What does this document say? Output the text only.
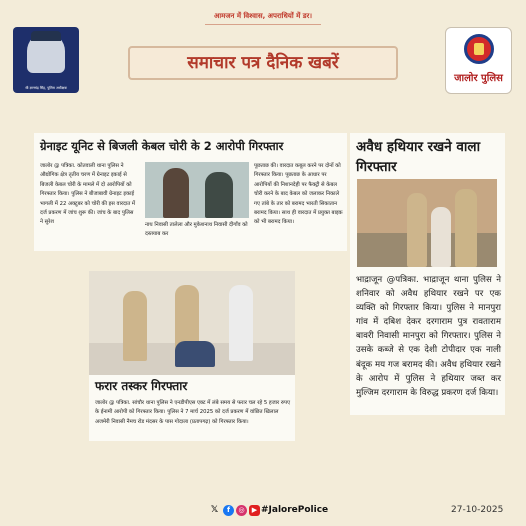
आमजन में विश्वास, अपराधियों में डर।
श्री ज्ञानचंद्र सिंह, पुलिस अधीक्षक
समाचार पत्र दैनिक खबरें
जालोर पुलिस
ग्रेनाइट यूनिट से बिजली केबल चोरी के 2 आरोपी गिरफ्तार
जालोर @ पत्रिका. कोतवाली थाना पुलिस ने औद्योगिक क्षेत्र तृतीय चरण में ग्रेनाइट इकाई से बिजली केबल चोरी के मामले में दो आरोपियों को गिरफ्तार किया। पुलिस ने बीजाबावी ग्रेनाइट इकाई भागली में 22 अक्टूबर को चोरी की इस वारदात में दर्ज प्रकरण में जांच शुरू की। जांच के बाद पुलिस ने सुरेश	नाथ निवासी तालेला और मुकेशनाथ निवासी दीगाँव को दस्तयाब कर
पूछताछ की। वारदात कबूल करने पर दोनों को गिरफ्तार किया। पूछताछ के आधार पर आरोपियों की निशानदेही पर फैक्ट्री से केबल चोरी करने के बाद केबल को जलाकर निकाले गए तांबे के तार को बरामद भारती सिकातान बरामद किया। साथ ही वारदात में प्रयुक्त बाइक को भी बरामद किया।
अवैध हथियार रखने वाला गिरफ्तार
भाद्राजून @पत्रिका. भाद्राजून थाना पुलिस ने शनिवार को अवैध हथियार रखने पर एक व्यक्ति को गिरफ्तार किया। पुलिस ने मानपुरा गांव में दबिश देकर दरगाराम पुत्र रावताराम बावरी निवासी मानपुरा को गिरफ्तार। पुलिस ने उसके कब्जे से एक देशी टोपीदार एक नाली बंदूक मय गज बरामद की। अवैध हथियार रखने के आरोप में पुलिस ने हथियार जब्त कर मुल्जिम दरगाराम के विरुद्ध प्रकरण दर्ज किया।
फरार तस्कर गिरफ्तार
जालोर @ पत्रिका. सांचौर थाना पुलिस ने एनडीपीएस एक्ट में लंबे समय से फरार चल रहे 5 हजार रुपए के ईनामी आरोपी को गिरफ्तार किया। पुलिस ने 7 मार्च 2025 को दर्ज प्रकरण में वांछित खिलाल अजमेरी निवासी नैमच रोड मंदसर के पास गोदाला (प्रतापगढ़) को गिरफ्तार किया।
𝕏	f	◎	▶ #JalorePolice	27-10-2025
